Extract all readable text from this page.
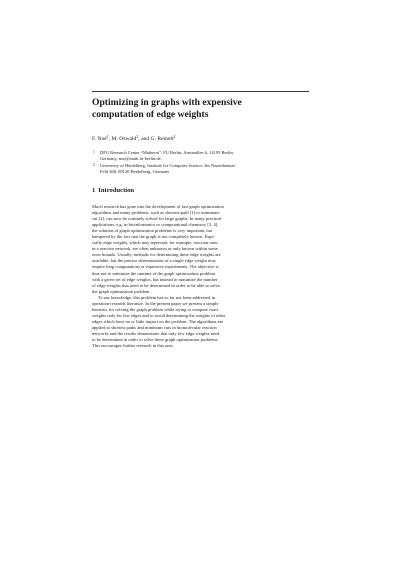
Optimizing in graphs with expensive
computation of edge weights
F. Noé$^1$, M. Oswald$^2$, and G. Reinelt$^2$
1 DFG Research Center “Matheon”, FU Berlin, Arnimallee 6, 14195 Berlin,
Germany, noe@math.fu-berlin.de,
2 University of Heidelberg, Institute for Computer Science, Im Neuenheimer
Feld 368, 69120 Heidelberg, Germany
1 Introduction
Much research has gone into the development of fast graph optimization
algorithms and many problems, such as shortest-path [1] or minimum-
cut [2], can now be routinely solved for large graphs. In many practical
applications, e.g. in bioinformatics or computational chemistry [3, 4],
the solution of graph optimization problems is very important, but
hampered by the fact that the graph is not completely known. Espe-
cially edge weights, which may represent, for example, reaction rates
in a reactive network, are often unknown or only known within some
error bounds. Usually, methods for determining these edge weights are
available, but the precise determination of a single edge weight may
require long computations or expensive experiments. The objective is
thus not to minimize the runtime of the graph optimization problem
with a given set of edge weights, but instead to minimize the number
of edge weights that need to be determined in order to be able to solve
the graph optimization problem.
To our knowledge, this problem has so far not been addressed in
operation research literature. In the present paper we present a simple
heuristic for solving the graph problem while trying to compute exact
weights only for few edges and to avoid determining the weights of other
edges which have no or little impact on the problem. The algorithms are
applied to shortest paths and minimum cuts in biomolecular reaction
networks and the results demonstrate that only few edge weights need
to be determined in order to solve these graph optimization problems.
This encourages further research in this area.
